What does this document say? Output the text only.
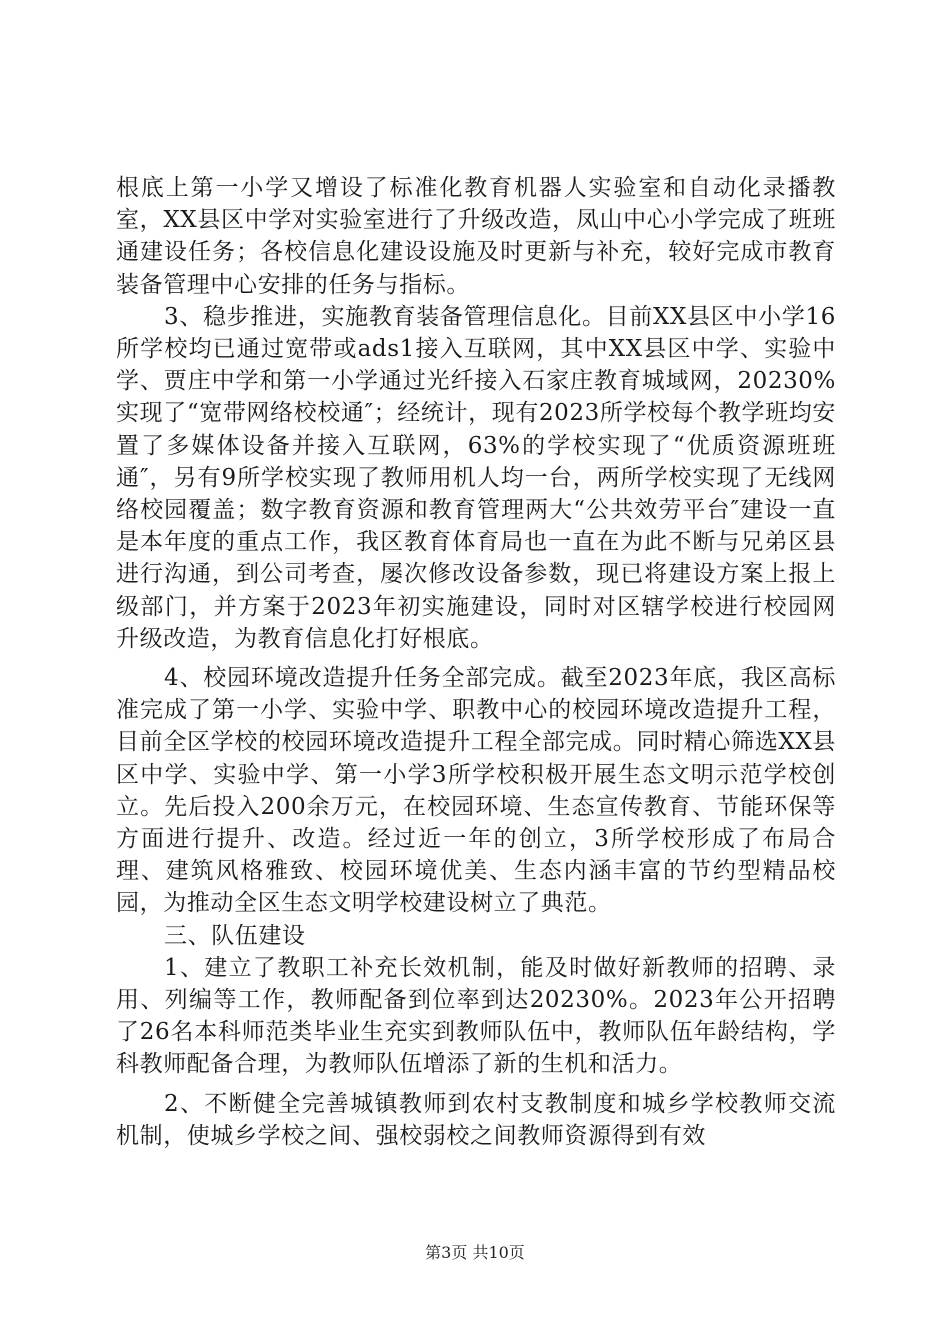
根底上第一小学又增设了标准化教育机器人实验室和自动化录播教室，XX县区中学对实验室进行了升级改造，凤山中心小学完成了班班通建设任务；各校信息化建设设施及时更新与补充，较好完成市教育装备管理中心安排的任务与指标。

3、稳步推进，实施教育装备管理信息化。目前XX县区中小学16所学校均已通过宽带或ads1接入互联网，其中XX县区中学、实验中学、贾庄中学和第一小学通过光纤接入石家庄教育城域网，20230%实现了“宽带网络校校通″；经统计，现有2023所学校每个教学班均安置了多媒体设备并接入互联网，63%的学校实现了“优质资源班班通″，另有9所学校实现了教师用机人均一台，两所学校实现了无线网络校园覆盖；数字教育资源和教育管理两大“公共效劳平台″建设一直是本年度的重点工作，我区教育体育局也一直在为此不断与兄弟区县进行沟通，到公司考查，屡次修改设备参数，现已将建设方案上报上级部门，并方案于2023年初实施建设，同时对区辖学校进行校园网升级改造，为教育信息化打好根底。

4、校园环境改造提升任务全部完成。截至2023年底，我区高标准完成了第一小学、实验中学、职教中心的校园环境改造提升工程，目前全区学校的校园环境改造提升工程全部完成。同时精心筛选XX县区中学、实验中学、第一小学3所学校积极开展生态文明示范学校创立。先后投入200余万元，在校园环境、生态宣传教育、节能环保等方面进行提升、改造。经过近一年的创立，3所学校形成了布局合理、建筑风格雅致、校园环境优美、生态内涵丰富的节约型精品校园，为推动全区生态文明学校建设树立了典范。

三、队伍建设

1、建立了教职工补充长效机制，能及时做好新教师的招聘、录用、列编等工作，教师配备到位率到达20230%。2023年公开招聘了26名本科师范类毕业生充实到教师队伍中，教师队伍年龄结构，学科教师配备合理，为教师队伍增添了新的生机和活力。

2、不断健全完善城镇教师到农村支教制度和城乡学校教师交流机制，使城乡学校之间、强校弱校之间教师资源得到有效

第3页 共10页
